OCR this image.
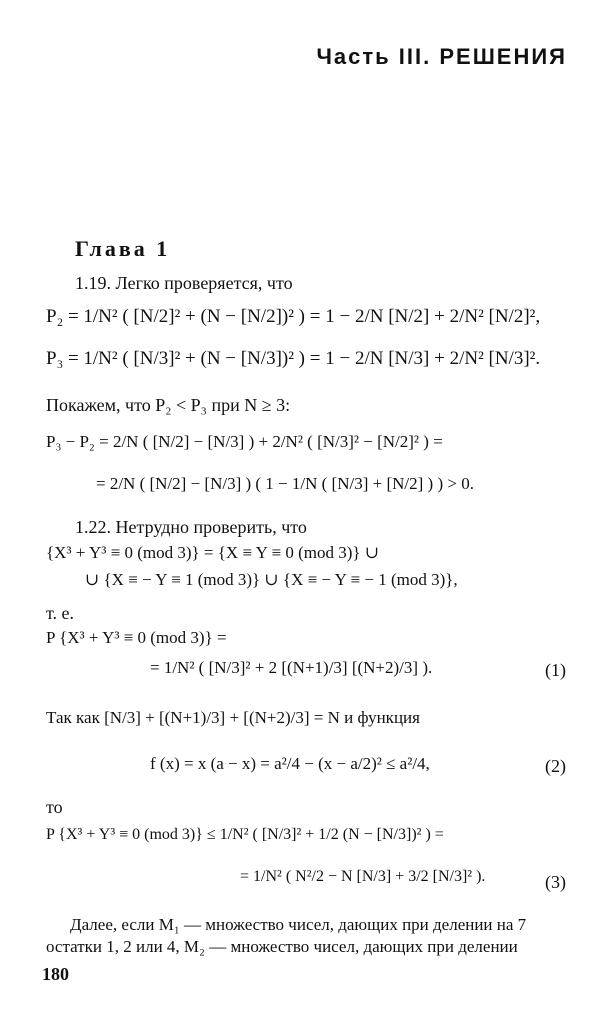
Часть III. РЕШЕНИЯ
Глава 1
1.19. Легко проверяется, что
P₂ = 1/N² ( [N/2]² + (N − [N/2])² ) = 1 − 2/N [N/2] + 2/N² [N/2]²,
P₃ = 1/N² ( [N/3]² + (N − [N/3])² ) = 1 − 2/N [N/3] + 2/N² [N/3]².
Покажем, что P₂ < P₃ при N ≥ 3:
P₃ − P₂ = 2/N ( [N/2] − [N/3] ) + 2/N² ( [N/3]² − [N/2]² ) =
= 2/N ( [N/2] − [N/3] ) ( 1 − 1/N ( [N/3] + [N/2] ) ) > 0.
1.22. Нетрудно проверить, что
{X³ + Y³ ≡ 0 (mod 3)} = {X ≡ Y ≡ 0 (mod 3)} ∪
∪ {X ≡ − Y ≡ 1 (mod 3)} ∪ {X ≡ − Y ≡ − 1 (mod 3)},
т. е.
P {X³ + Y³ ≡ 0 (mod 3)} =
= 1/N² ( [N/3]² + 2 [(N+1)/3] [(N+2)/3] ).	(1)
Так как [N/3] + [(N+1)/3] + [(N+2)/3] = N и функция
f (x) = x (a − x) = a²/4 − (x − a/2)² ≤ a²/4,	(2)
то
P {X³ + Y³ ≡ 0 (mod 3)} ≤ 1/N² ( [N/3]² + 1/2 (N − [N/3])² ) =
= 1/N² ( N²/2 − N [N/3] + 3/2 [N/3]² ).	(3)
Далее, если M₁ — множество чисел, дающих при делении на 7
остатки 1, 2 или 4, M₂ — множество чисел, дающих при делении
180
